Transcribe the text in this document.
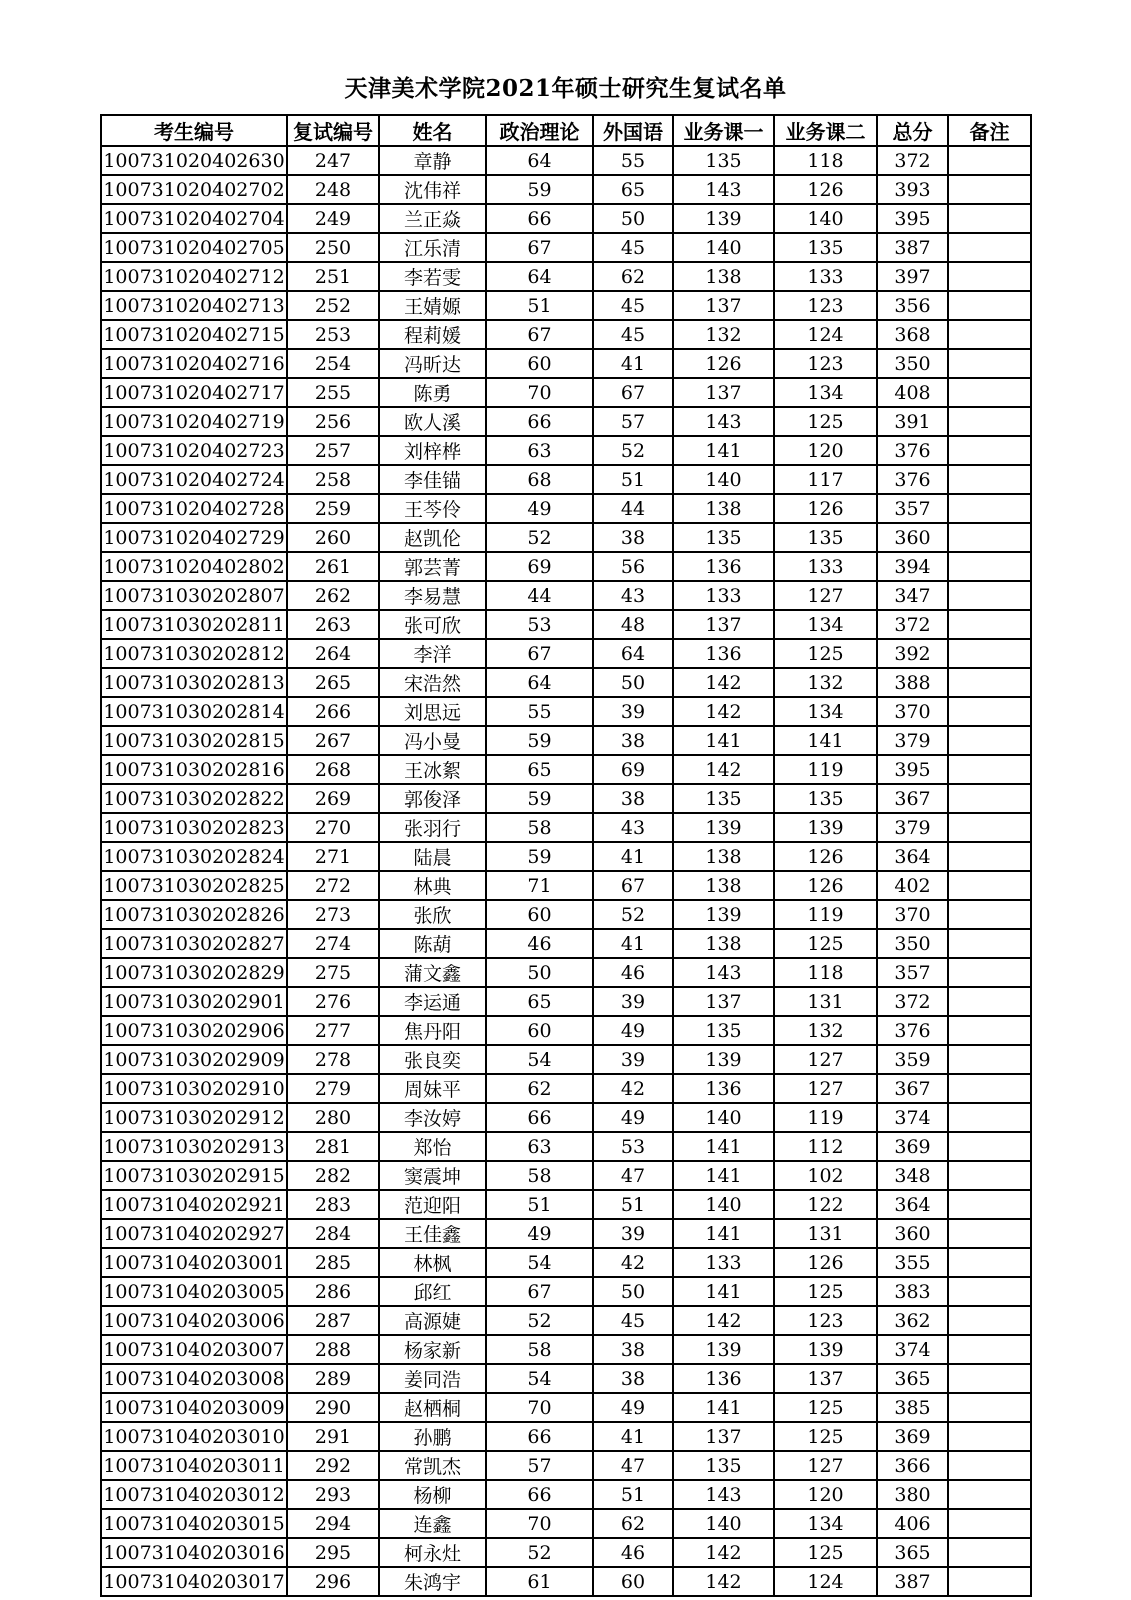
天津美术学院2021年硕士研究生复试名单
考生编号	复试编号	姓名	政治理论	外国语	业务课一	业务课二	总分	备注
100731020402630	247	章静	64	55	135	118	372	
100731020402702	248	沈伟祥	59	65	143	126	393	
100731020402704	249	兰正焱	66	50	139	140	395	
100731020402705	250	江乐清	67	45	140	135	387	
100731020402712	251	李若雯	64	62	138	133	397	
100731020402713	252	王婧嫄	51	45	137	123	356	
100731020402715	253	程莉媛	67	45	132	124	368	
100731020402716	254	冯昕达	60	41	126	123	350	
100731020402717	255	陈勇	70	67	137	134	408	
100731020402719	256	欧人溪	66	57	143	125	391	
100731020402723	257	刘梓桦	63	52	141	120	376	
100731020402724	258	李佳锚	68	51	140	117	376	
100731020402728	259	王芩伶	49	44	138	126	357	
100731020402729	260	赵凯伦	52	38	135	135	360	
100731020402802	261	郭芸菁	69	56	136	133	394	
100731030202807	262	李易慧	44	43	133	127	347	
100731030202811	263	张可欣	53	48	137	134	372	
100731030202812	264	李洋	67	64	136	125	392	
100731030202813	265	宋浩然	64	50	142	132	388	
100731030202814	266	刘思远	55	39	142	134	370	
100731030202815	267	冯小曼	59	38	141	141	379	
100731030202816	268	王冰絮	65	69	142	119	395	
100731030202822	269	郭俊泽	59	38	135	135	367	
100731030202823	270	张羽行	58	43	139	139	379	
100731030202824	271	陆晨	59	41	138	126	364	
100731030202825	272	林典	71	67	138	126	402	
100731030202826	273	张欣	60	52	139	119	370	
100731030202827	274	陈葫	46	41	138	125	350	
100731030202829	275	蒲文鑫	50	46	143	118	357	
100731030202901	276	李运通	65	39	137	131	372	
100731030202906	277	焦丹阳	60	49	135	132	376	
100731030202909	278	张良奕	54	39	139	127	359	
100731030202910	279	周妹平	62	42	136	127	367	
100731030202912	280	李汝婷	66	49	140	119	374	
100731030202913	281	郑怡	63	53	141	112	369	
100731030202915	282	窦震坤	58	47	141	102	348	
100731040202921	283	范迎阳	51	51	140	122	364	
100731040202927	284	王佳鑫	49	39	141	131	360	
100731040203001	285	林枫	54	42	133	126	355	
100731040203005	286	邱红	67	50	141	125	383	
100731040203006	287	高源婕	52	45	142	123	362	
100731040203007	288	杨家新	58	38	139	139	374	
100731040203008	289	姜同浩	54	38	136	137	365	
100731040203009	290	赵栖桐	70	49	141	125	385	
100731040203010	291	孙鹏	66	41	137	125	369	
100731040203011	292	常凯杰	57	47	135	127	366	
100731040203012	293	杨柳	66	51	143	120	380	
100731040203015	294	连鑫	70	62	140	134	406	
100731040203016	295	柯永灶	52	46	142	125	365	
100731040203017	296	朱鸿宇	61	60	142	124	387	
